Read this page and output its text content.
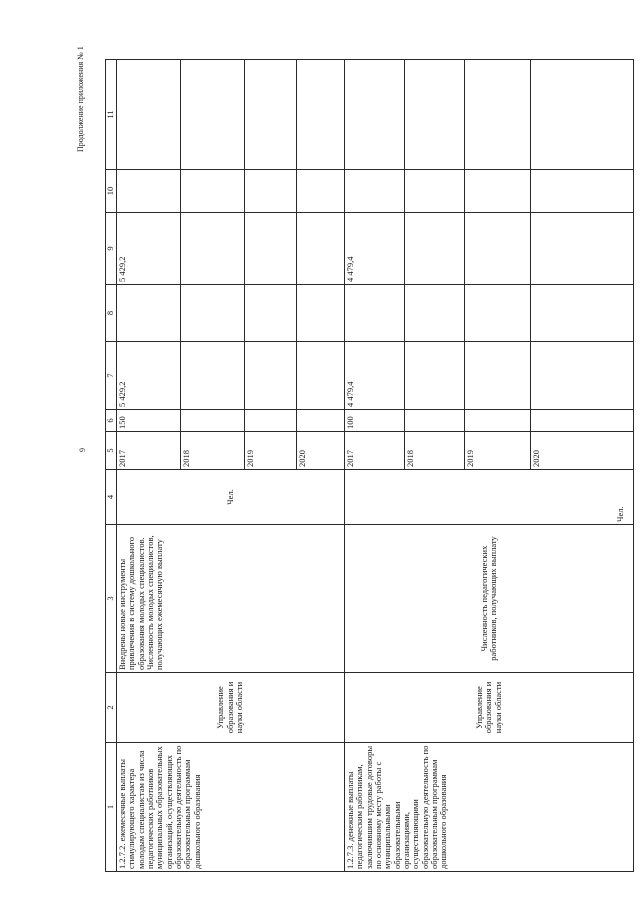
9
Продолжение приложения № 1
1	2	3	4	5	6	7	8	9	10	11
1.2.7.2. ежемесячные выплаты стимулирующего характера молодым специалистам из числа педагогических работников муниципальных образовательных организаций, осуществляющих образовательную деятельность по образовательным программам дошкольного образования	Управление образования и науки области	Внедрены новые инструменты привлечения в систему дошкольного образования молодых специалистов. Численность молодых специалистов, получающих ежемесячную выплату	Чел.	2017	150	5 429,2		5 429,2		
				2018						
				2019						
				2020						
1.2.7.3. денежные выплаты педагогическим работникам, заключившим трудовые договоры по основному месту работы с муниципальными образовательными организациями, осуществляющими образовательную деятельность по образовательным программам дошкольного образования	Управление образования и науки области	Численность педагогических работников, получающих выплату	Чел.	2017	100	4 479,4		4 479,4		
				2018						
				2019						
				2020						
